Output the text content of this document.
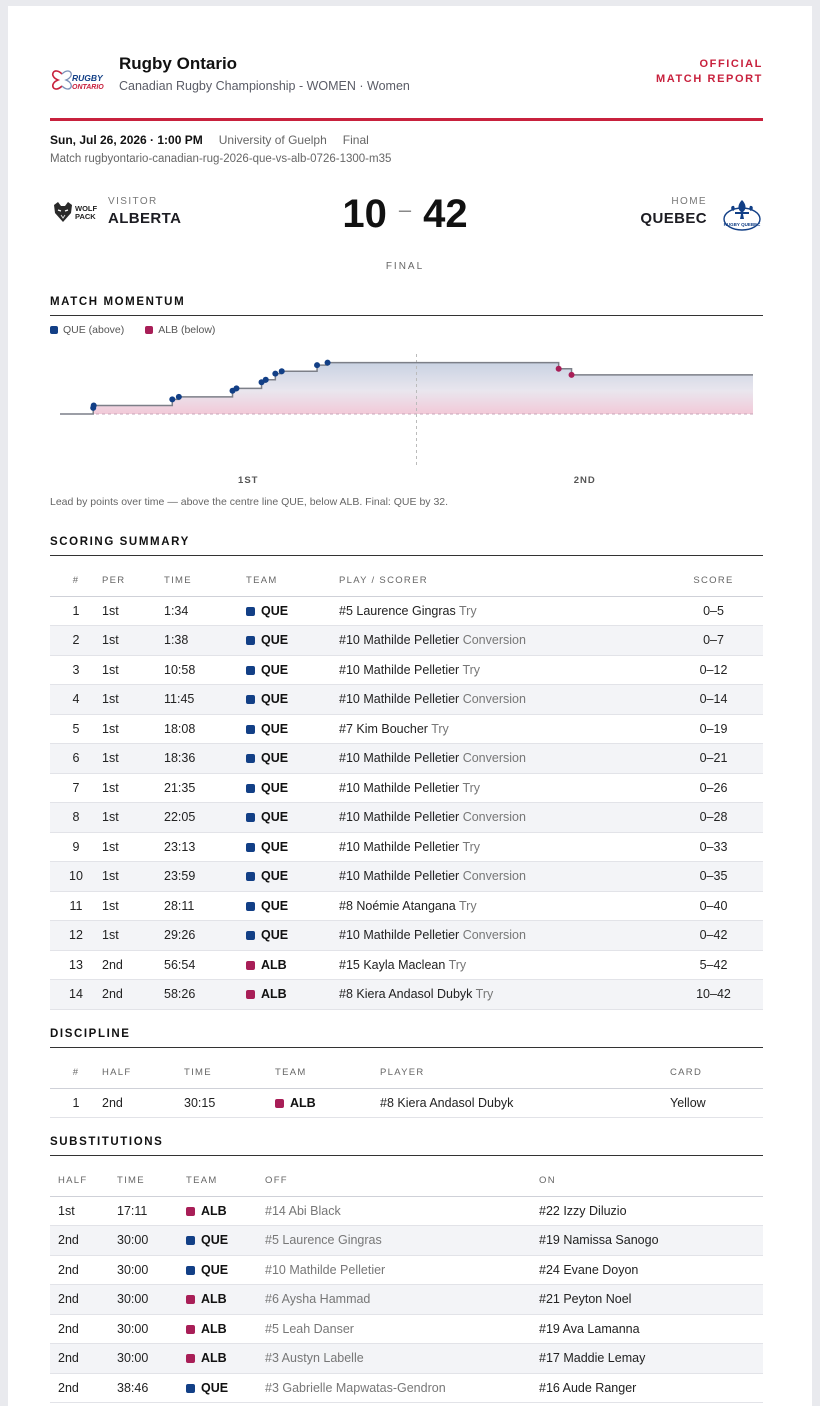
RUGBY
ONTARIO
Rugby Ontario
Canadian Rugby Championship - WOMEN · Women
OFFICIAL
MATCH REPORT
Sun, Jul 26, 2026 · 1:00 PM University of Guelph Final
Match rugbyontario-canadian-rug-2026-que-vs-alb-0726-1300-m35
WOLF
PACK
VISITOR
ALBERTA	10 – 42
FINAL
HOME
QUEBEC	RUGBY QUEBEC
MATCH MOMENTUM
QUE (above)	ALB (below)
1ST	2ND
Lead by points over time — above the centre line QUE, below ALB. Final: QUE by 32.
SCORING SUMMARY
#	PER	TIME	TEAM	PLAY / SCORER	SCORE
1	1st	1:34	QUE	#5 Laurence Gingras Try	0–5
2	1st	1:38	QUE	#10 Mathilde Pelletier Conversion	0–7
3	1st	10:58	QUE	#10 Mathilde Pelletier Try	0–12
4	1st	11:45	QUE	#10 Mathilde Pelletier Conversion	0–14
5	1st	18:08	QUE	#7 Kim Boucher Try	0–19
6	1st	18:36	QUE	#10 Mathilde Pelletier Conversion	0–21
7	1st	21:35	QUE	#10 Mathilde Pelletier Try	0–26
8	1st	22:05	QUE	#10 Mathilde Pelletier Conversion	0–28
9	1st	23:13	QUE	#10 Mathilde Pelletier Try	0–33
10	1st	23:59	QUE	#10 Mathilde Pelletier Conversion	0–35
11	1st	28:11	QUE	#8 Noémie Atangana Try	0–40
12	1st	29:26	QUE	#10 Mathilde Pelletier Conversion	0–42
13	2nd	56:54	ALB	#15 Kayla Maclean Try	5–42
14	2nd	58:26	ALB	#8 Kiera Andasol Dubyk Try	10–42
DISCIPLINE
#	HALF	TIME	TEAM	PLAYER	CARD
1	2nd	30:15	ALB	#8 Kiera Andasol Dubyk	Yellow
SUBSTITUTIONS
HALF	TIME	TEAM	OFF	ON
1st	17:11	ALB	#14 Abi Black	#22 Izzy Diluzio
2nd	30:00	QUE	#5 Laurence Gingras	#19 Namissa Sanogo
2nd	30:00	QUE	#10 Mathilde Pelletier	#24 Evane Doyon
2nd	30:00	ALB	#6 Aysha Hammad	#21 Peyton Noel
2nd	30:00	ALB	#5 Leah Danser	#19 Ava Lamanna
2nd	30:00	ALB	#3 Austyn Labelle	#17 Maddie Lemay
2nd	38:46	QUE	#3 Gabrielle Mapwatas-Gendron	#16 Aude Ranger
